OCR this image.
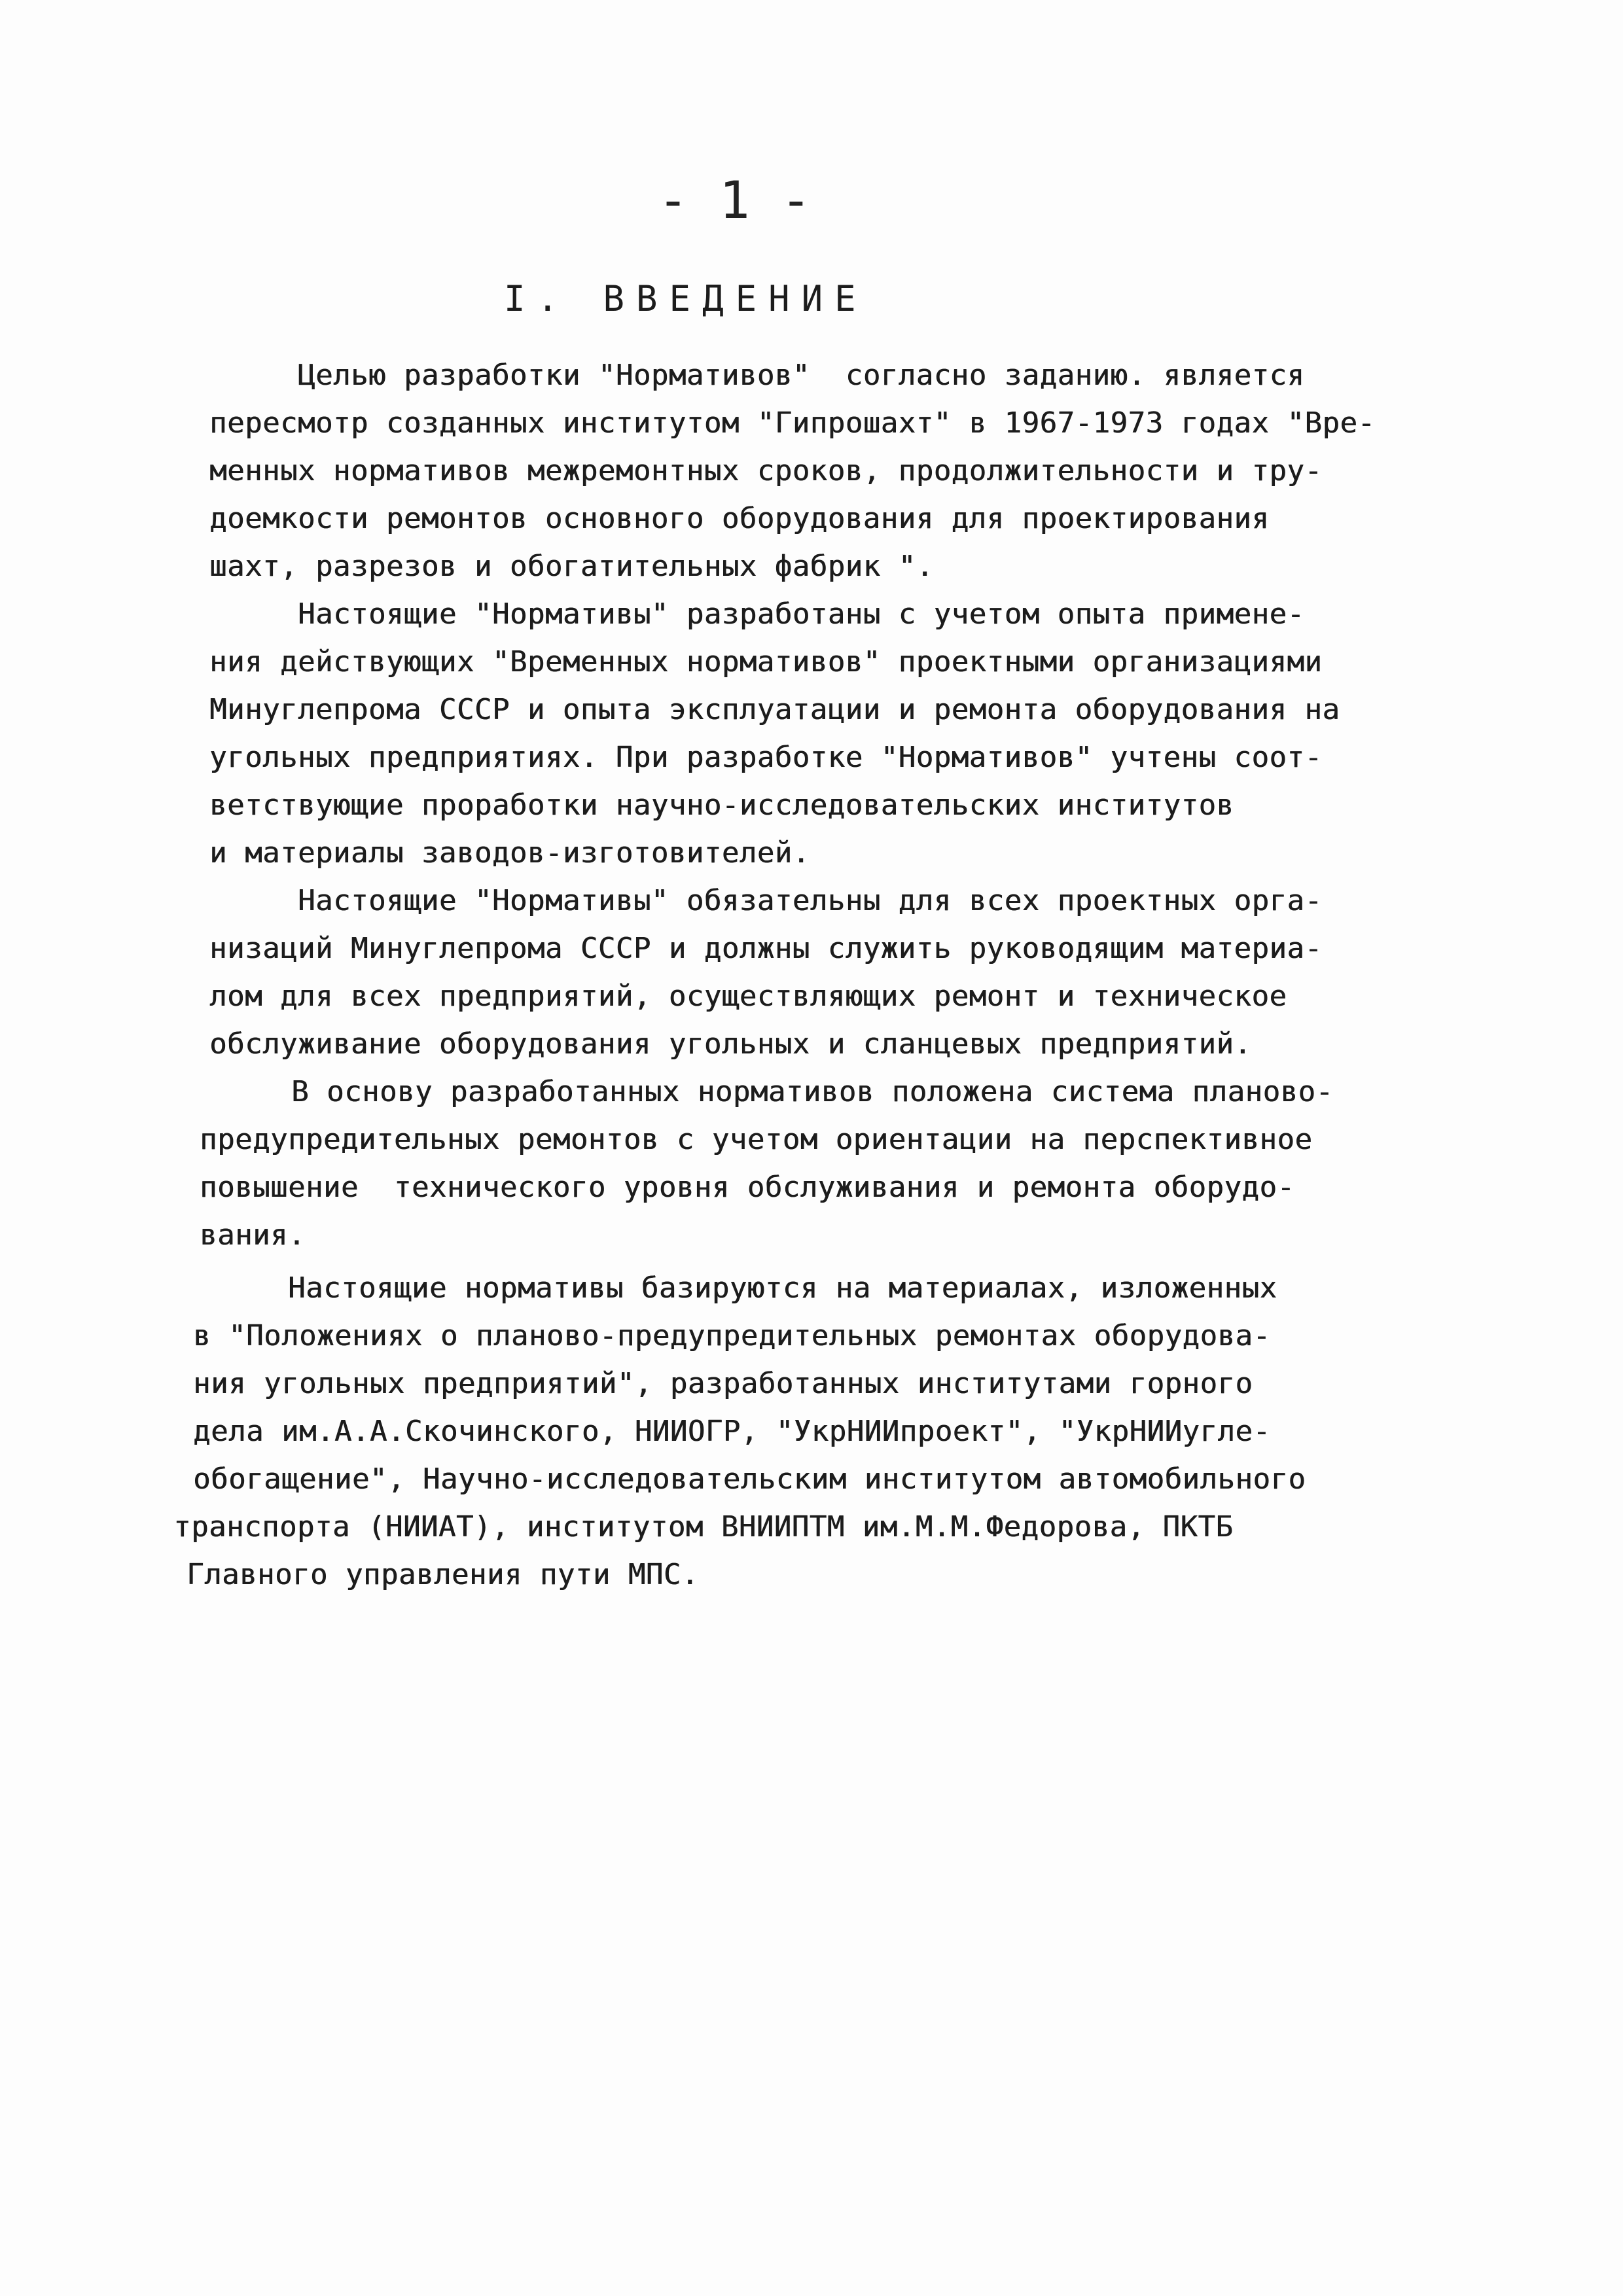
- 1 -
I. ВВЕДЕНИЕ
Целью разработки "Нормативов"  согласно заданию. является
пересмотр созданных институтом "Гипрошахт" в 1967-1973 годах "Вре-
менных нормативов межремонтных сроков, продолжительности и тру-
доемкости ремонтов основного оборудования для проектирования
шахт, разрезов и обогатительных фабрик ".
Настоящие "Нормативы" разработаны с учетом опыта примене-
ния действующих "Временных нормативов" проектными организациями
Минуглепрома СССР и опыта эксплуатации и ремонта оборудования на
угольных предприятиях. При разработке "Нормативов" учтены соот-
ветствующие проработки научно-исследовательских институтов
и материалы заводов-изготовителей.
Настоящие "Нормативы" обязательны для всех проектных орга-
низаций Минуглепрома СССР и должны служить руководящим материа-
лом для всех предприятий, осуществляющих ремонт и техническое
обслуживание оборудования угольных и сланцевых предприятий.
В основу разработанных нормативов положена система планово-
предупредительных ремонтов с учетом ориентации на перспективное
повышение  технического уровня обслуживания и ремонта оборудо-
вания.
Настоящие нормативы базируются на материалах, изложенных
в "Положениях о планово-предупредительных ремонтах оборудова-
ния угольных предприятий", разработанных институтами горного
дела им.А.А.Скочинского, НИИОГР, "УкрНИИпроект", "УкрНИИугле-
обогащение", Научно-исследовательским институтом автомобильного
транспорта (НИИАТ), институтом ВНИИПТМ им.М.М.Федорова, ПКТБ
Главного управления пути МПС.
